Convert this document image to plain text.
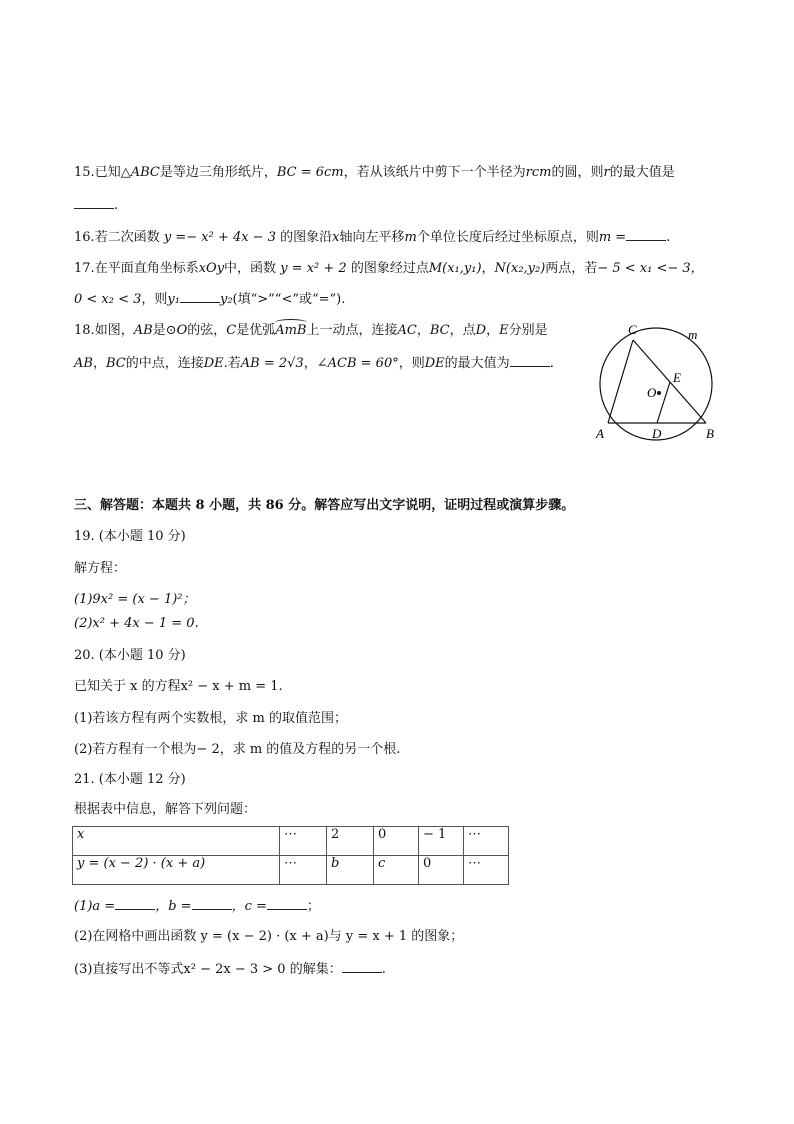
15.已知△ABC是等边三角形纸片，BC = 6cm，若从该纸片中剪下一个半径为rcm的圆，则r的最大值是
.
16.若二次函数 y =− x² + 4x − 3 的图象沿x轴向左平移m个单位长度后经过坐标原点，则m =	.
17.在平面直角坐标系xOy中，函数 y = x² + 2 的图象经过点M(x₁,y₁)，N(x₂,y₂)两点，若− 5 < x₁ <− 3，
0 < x₂ < 3，则y₁	y₂(填“>”“<”或“=”).
18.如图，AB是⊙O的弦，C是优弧AmB上一动点，连接AC，BC，点D，E分别是
AB，BC的中点，连接DE.若AB = 2√3，∠ACB = 60°，则DE的最大值为	.
C	m
E
O
A	D	B
三、解答题：本题共 8 小题，共 86 分。解答应写出文字说明，证明过程或演算步骤。
19. (本小题 10 分)
解方程：
(1)9x² = (x − 1)²；
(2)x² + 4x − 1 = 0.
20. (本小题 10 分)
已知关于 x 的方程x² − x + m = 1.
(1)若该方程有两个实数根，求 m 的取值范围；
(2)若方程有一个根为− 2，求 m 的值及方程的另一个根.
21. (本小题 12 分)
根据表中信息，解答下列问题：
x	⋯	2	0	− 1	⋯
y = (x − 2) · (x + a)	⋯	b	c	0	⋯
(1)a =	，b =	，c =	；
(2)在网格中画出函数 y = (x − 2) · (x + a)与 y = x + 1 的图象；
(3)直接写出不等式x² − 2x − 3 > 0 的解集：	.
